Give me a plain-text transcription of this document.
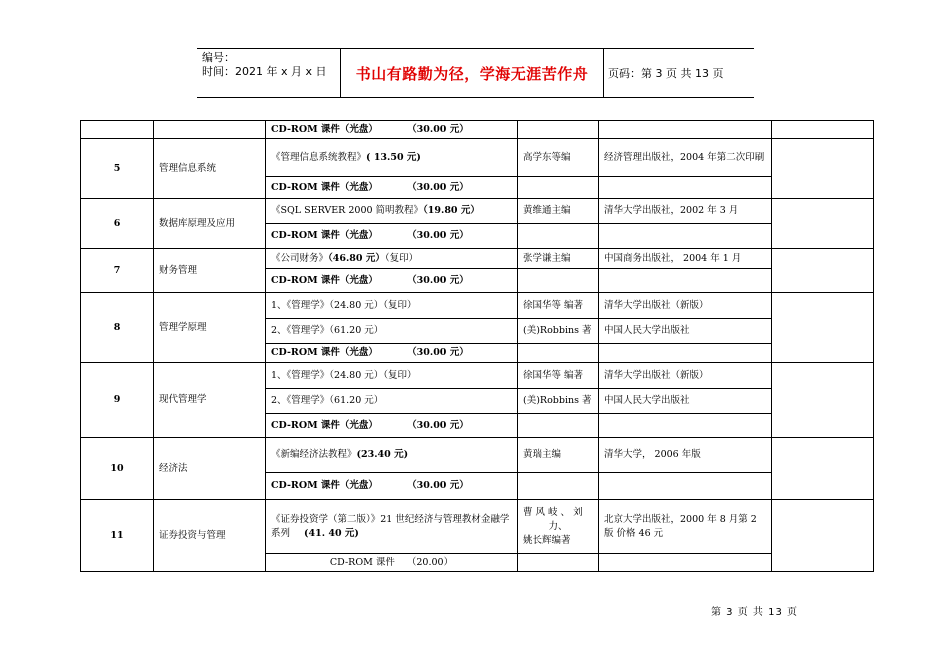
编号：
时间：2021 年 x 月 x 日	书山有路勤为径，学海无涯苦作舟	页码：第 3 页 共 13 页
		CD-ROM 课件（光盘） （30.00 元）			
5	管理信息系统	《管理信息系统教程》( 13.50 元)	高学东等编	经济管理出版社，2004 年第二次印刷	
		CD-ROM 课件（光盘） （30.00 元）			
6	数据库原理及应用	《SQL SERVER 2000 简明教程》（19.80 元）	黄维通主编	清华大学出版社，2002 年 3 月	
		CD-ROM 课件（光盘） （30.00 元）			
7	财务管理	《公司财务》（46.80 元）（复印）	张学谦主编	中国商务出版社， 2004 年 1 月	
		CD-ROM 课件（光盘） （30.00 元）			
8	管理学原理	1、《管理学》（24.80 元）（复印）	徐国华等 编著	清华大学出版社（新版）	
		2、《管理学》（61.20 元）	(美)Robbins 著	中国人民大学出版社	
		CD-ROM 课件（光盘） （30.00 元）			
9	现代管理学	1、《管理学》（24.80 元）（复印）	徐国华等 编著	清华大学出版社（新版）	
		2、《管理学》（61.20 元）	(美)Robbins 著	中国人民大学出版社	
		CD-ROM 课件（光盘） （30.00 元）			
10	经济法	《新编经济法教程》(23.40 元)	黄瑞主编	清华大学， 2006 年版	
		CD-ROM 课件（光盘） （30.00 元）			
11	证券投资与管理	《证券投资学（第二版）》21 世纪经济与管理教材金融学系列 (41. 40 元)	曹 风 岐 、 刘
力、
姚长辉编著	北京大学出版社，2000 年 8 月第 2 版 价格 46 元	
		CD-ROM 课件 （20.00）			
第 3 页 共 13 页
